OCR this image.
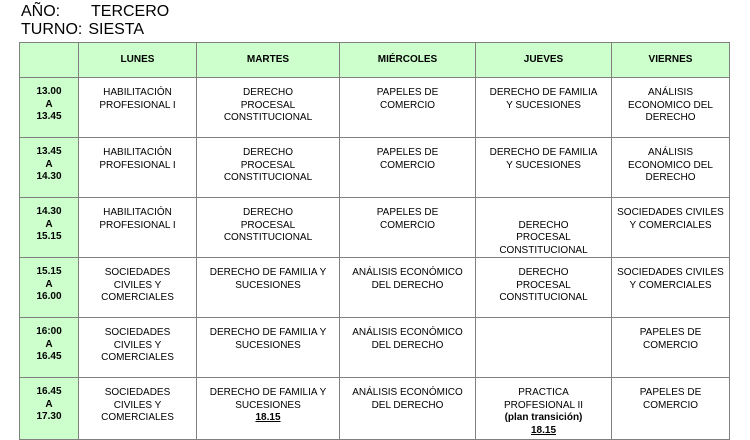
AÑO:	TERCERO
TURNO: SIESTA
	LUNES	MARTES	MIÉRCOLES	JUEVES	VIERNES

13.00
A
13.45	HABILITACIÓN
PROFESIONAL I	DERECHO
PROCESAL
CONSTITUCIONAL	PAPELES DE
COMERCIO	DERECHO DE FAMILIA
Y SUCESIONES	ANÁLISIS
ECONOMICO DEL
DERECHO

13.45
A
14.30	HABILITACIÓN
PROFESIONAL I	DERECHO
PROCESAL
CONSTITUCIONAL	PAPELES DE
COMERCIO	DERECHO DE FAMILIA
Y SUCESIONES	ANÁLISIS
ECONOMICO DEL
DERECHO

14.30
A
15.15	HABILITACIÓN
PROFESIONAL I	DERECHO
PROCESAL
CONSTITUCIONAL	PAPELES DE
COMERCIO	DERECHO
PROCESAL
CONSTITUCIONAL	SOCIEDADES CIVILES
Y COMERCIALES

15.15
A
16.00	SOCIEDADES
CIVILES Y
COMERCIALES	DERECHO DE FAMILIA Y
SUCESIONES	ANÁLISIS ECONÓMICO
DEL DERECHO	DERECHO
PROCESAL
CONSTITUCIONAL	SOCIEDADES CIVILES
Y COMERCIALES

16:00
A
16.45	SOCIEDADES
CIVILES Y
COMERCIALES	DERECHO DE FAMILIA Y
SUCESIONES	ANÁLISIS ECONÓMICO
DEL DERECHO		PAPELES DE
COMERCIO

16.45
A
17.30	SOCIEDADES
CIVILES Y
COMERCIALES	DERECHO DE FAMILIA Y
SUCESIONES
18.15	ANÁLISIS ECONÓMICO
DEL DERECHO	PRACTICA
PROFESIONAL II
(plan transición)
18.15	PAPELES DE
COMERCIO
